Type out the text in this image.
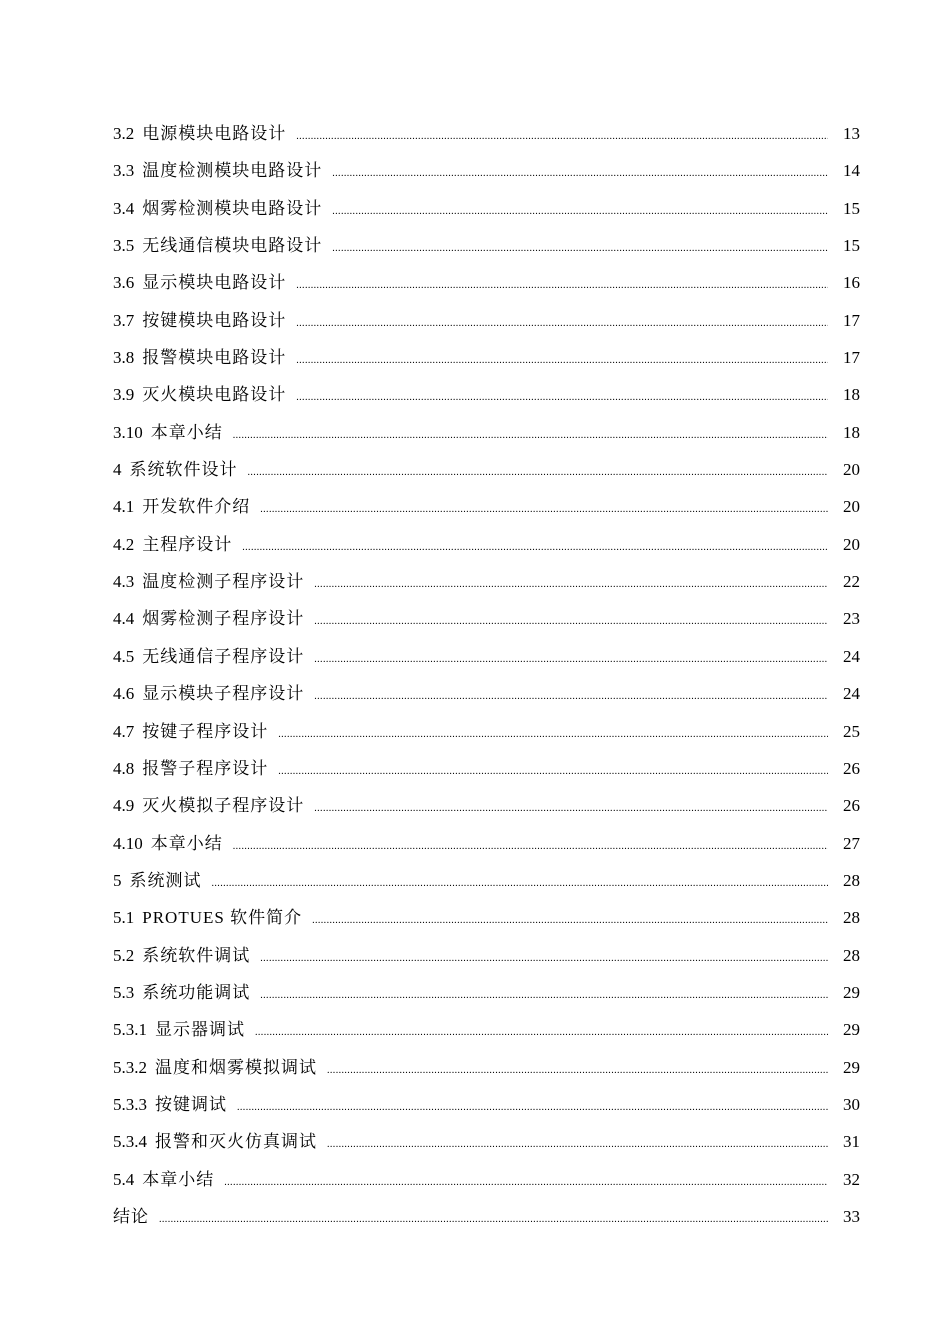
3.2 电源模块电路设计 .....	13
3.3 温度检测模块电路设计 .....	14
3.4 烟雾检测模块电路设计 .....	15
3.5 无线通信模块电路设计 .....	15
3.6 显示模块电路设计 .....	16
3.7 按键模块电路设计 .....	17
3.8 报警模块电路设计 .....	17
3.9 灭火模块电路设计 .....	18
3.10 本章小结 .....	18
4 系统软件设计 .....	20
4.1 开发软件介绍 .....	20
4.2 主程序设计 .....	20
4.3 温度检测子程序设计 .....	22
4.4 烟雾检测子程序设计 .....	23
4.5 无线通信子程序设计 .....	24
4.6 显示模块子程序设计 .....	24
4.7 按键子程序设计 .....	25
4.8 报警子程序设计 .....	26
4.9 灭火模拟子程序设计 .....	26
4.10 本章小结 .....	27
5 系统测试 .....	28
5.1 PROTUES 软件简介 .....	28
5.2 系统软件调试 .....	28
5.3 系统功能调试 .....	29
5.3.1 显示器调试 .....	29
5.3.2 温度和烟雾模拟调试 .....	29
5.3.3 按键调试 .....	30
5.3.4 报警和灭火仿真调试 .....	31
5.4 本章小结 .....	32
结论 .....	33
